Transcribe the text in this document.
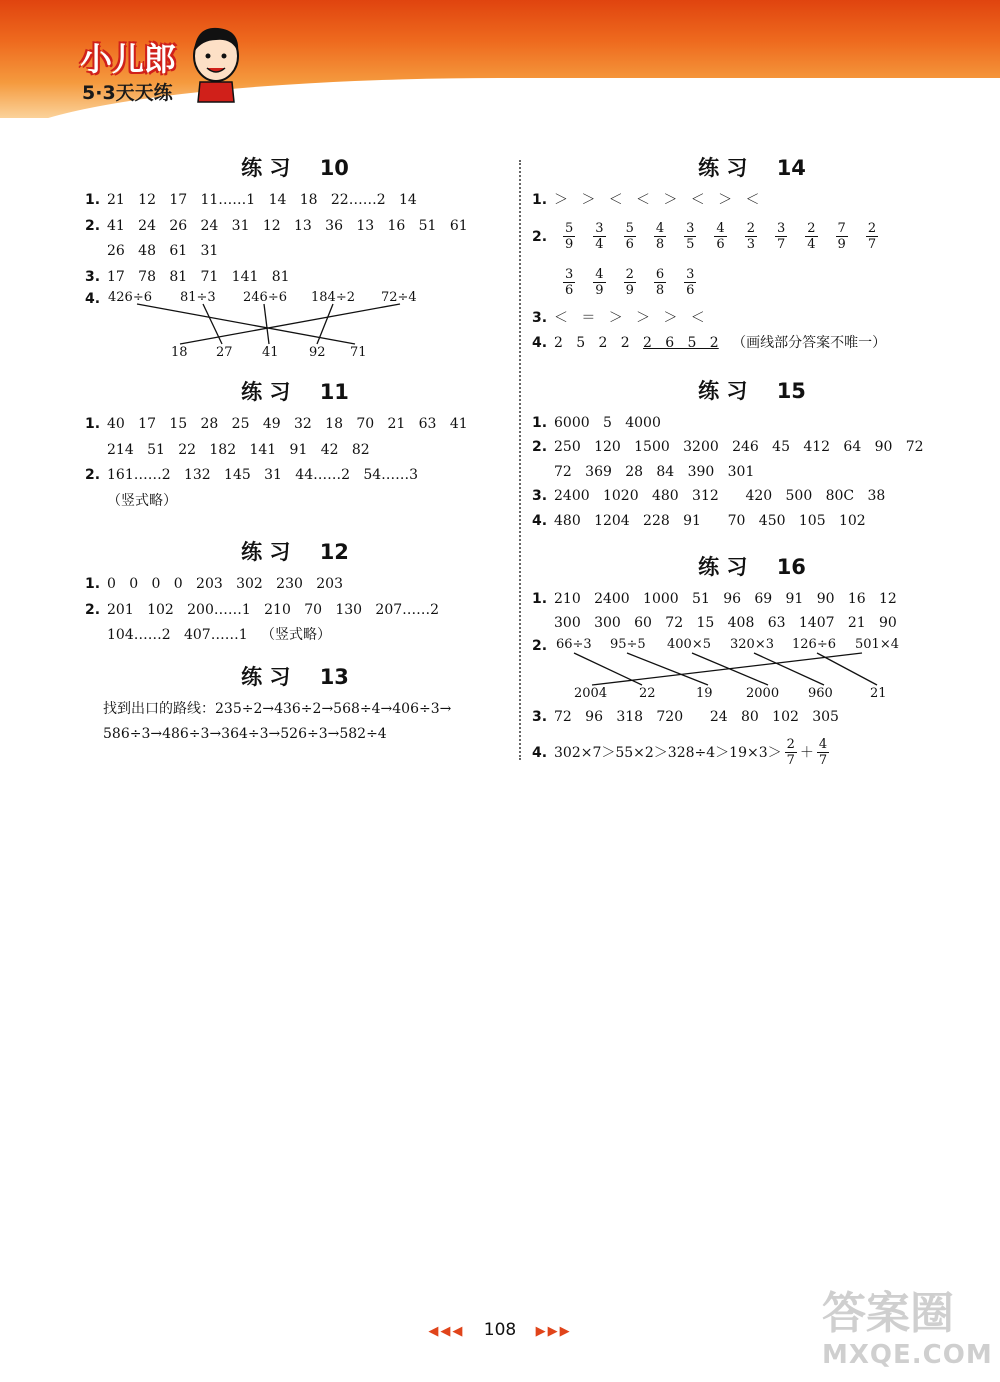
小儿郎
5·3天天练
练 习 10
1. 21   12   17   11……1   14   18   22……2   14
2. 41   24   26   24   31   12   13   36   13   16   51   61
26   48   61   31
3. 17   78   81   71   141   81
4. 426÷6 81÷3 246÷6 184÷2 72÷4
18 27 41 92 71
练 习 11
1. 40   17   15   28   25   49   32   18   70   21   63   41
214   51   22   182   141   91   42   82
2. 161……2   132   145   31   44……2   54……3
（竖式略）
练 习 12
1. 0   0   0   0   203   302   230   203
2. 201   102   200……1   210   70   130   207……2
104……2   407……1   （竖式略）
练 习 13
找到出口的路线：235÷2→436÷2→568÷4→406÷3→
586÷3→486÷3→364÷3→526÷3→582÷4
练 习 14
1. ＞   ＞   ＜   ＜   ＞   ＜   ＞   ＜
2. $\frac{5}{9} \frac{3}{4} \frac{5}{6} \frac{4}{8} \frac{3}{5} \frac{4}{6} \frac{2}{3} \frac{3}{7} \frac{2}{4} \frac{7}{9} \frac{2}{7}$
$\frac{3}{6} \frac{4}{9} \frac{2}{9} \frac{6}{8} \frac{3}{6}$
3. ＜   ＝   ＞   ＞   ＞   ＜
4. 2   5   2   2   2   6   5   2 （画线部分答案不唯一）
练 习 15
1. 6000   5   4000
2. 250   120   1500   3200   246   45   412   64   90   72
72   369   28   84   390   301
3. 2400   1020   480   312      420   500   80C   38
4. 480   1204   228   91      70   450   105   102
练 习 16
1. 210   2400   1000   51   96   69   91   90   16   12
300   300   60   72   15   408   63   1407   21   90
2. 66÷3 95÷5 400×5 320×3 126÷6 501×4
2004 22	19	2000 960	21
3. 72   96   318   720      24   80   102   305
4. $302\times 7>55\times 2>328\div 4>19\times 3> \frac{2}{7} + \frac{4}{7}$
◀◀◀ 108 ▶▶▶	答案圈
MXQE.COM
